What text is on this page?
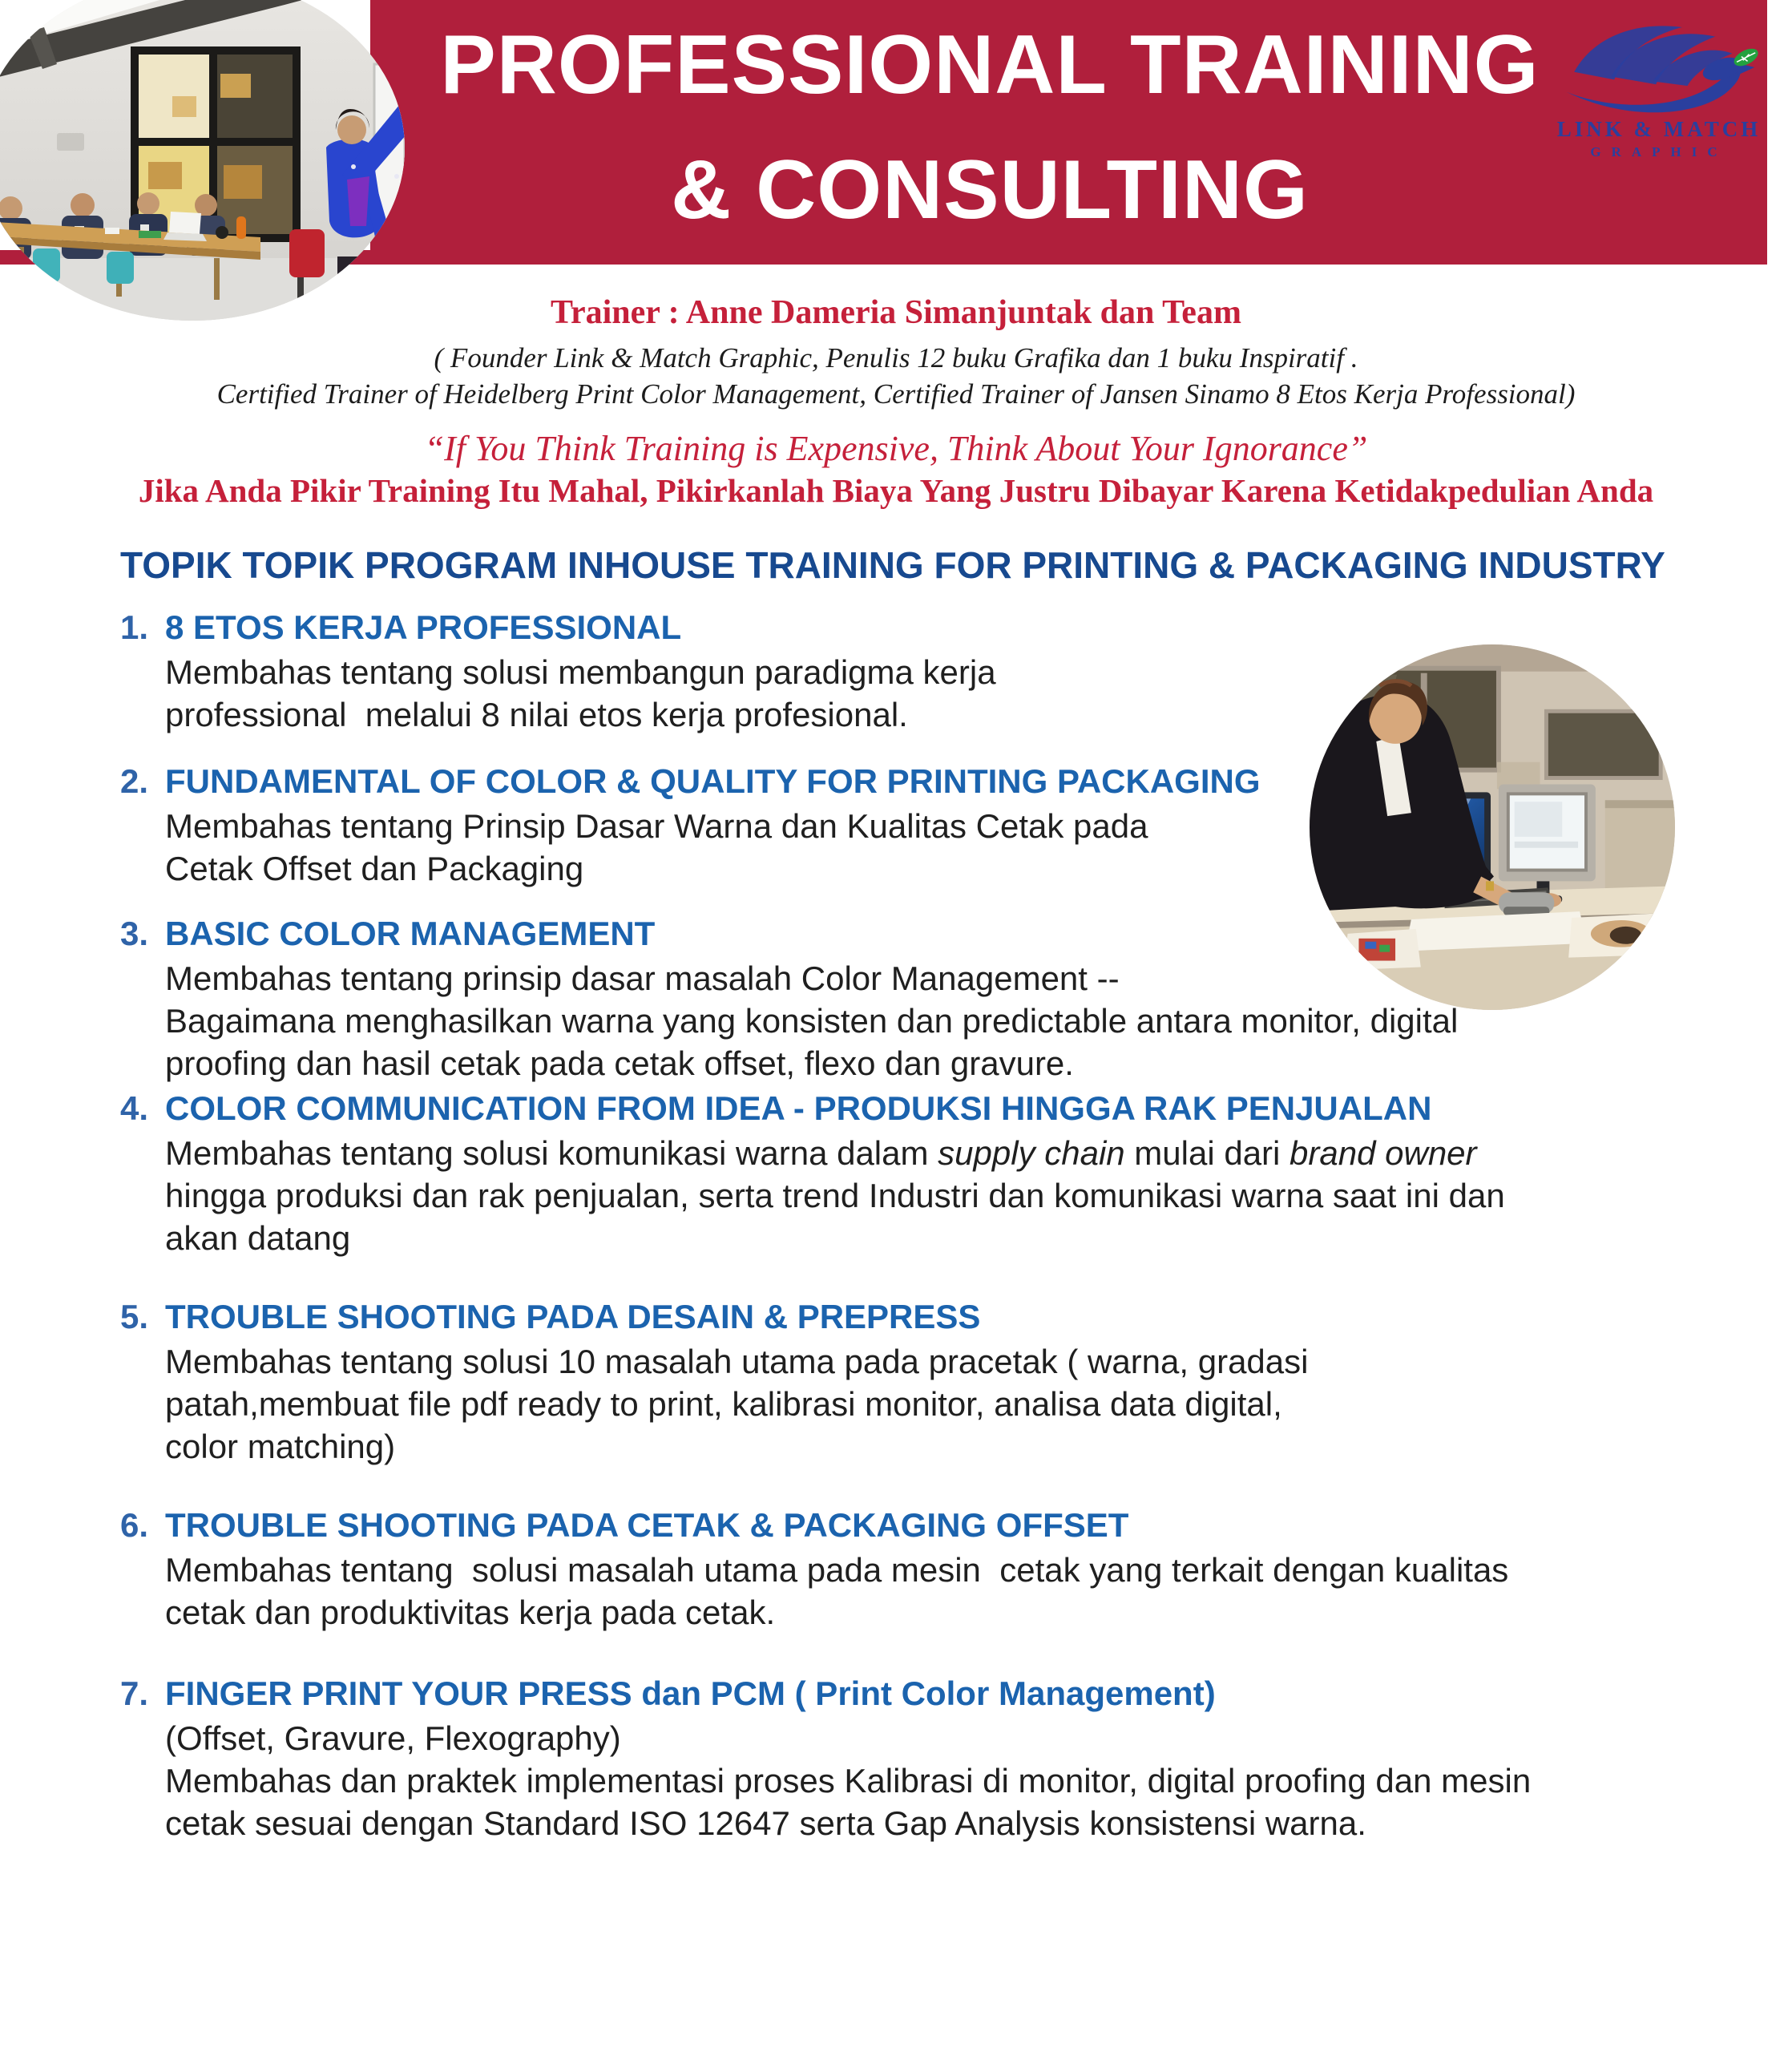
PROFESSIONAL TRAINING
& CONSULTING
LINK & MATCH
GRAPHIC
Trainer : Anne Dameria Simanjuntak dan Team
( Founder Link & Match Graphic, Penulis 12 buku Grafika dan 1 buku Inspiratif .
Certified Trainer of Heidelberg Print Color Management, Certified Trainer of Jansen Sinamo 8 Etos Kerja Professional)
“If You Think Training is Expensive, Think About Your Ignorance”
Jika Anda Pikir Training Itu Mahal, Pikirkanlah Biaya Yang Justru Dibayar Karena Ketidakpedulian Anda
TOPIK TOPIK PROGRAM INHOUSE TRAINING FOR PRINTING & PACKAGING INDUSTRY
1. 8 ETOS KERJA PROFESSIONAL
Membahas tentang solusi membangun paradigma kerja
professional  melalui 8 nilai etos kerja profesional.
2. FUNDAMENTAL OF COLOR & QUALITY FOR PRINTING PACKAGING
Membahas tentang Prinsip Dasar Warna dan Kualitas Cetak pada
Cetak Offset dan Packaging
3. BASIC COLOR MANAGEMENT
Membahas tentang prinsip dasar masalah Color Management --
Bagaimana menghasilkan warna yang konsisten dan predictable antara monitor, digital
proofing dan hasil cetak pada cetak offset, flexo dan gravure.
4. COLOR COMMUNICATION FROM IDEA - PRODUKSI HINGGA RAK PENJUALAN
Membahas tentang solusi komunikasi warna dalam supply chain mulai dari brand owner
hingga produksi dan rak penjualan, serta trend Industri dan komunikasi warna saat ini dan
akan datang
5. TROUBLE SHOOTING PADA DESAIN & PREPRESS
Membahas tentang solusi 10 masalah utama pada pracetak ( warna, gradasi
patah,membuat file pdf ready to print, kalibrasi monitor, analisa data digital,
color matching)
6. TROUBLE SHOOTING PADA CETAK & PACKAGING OFFSET
Membahas tentang  solusi masalah utama pada mesin  cetak yang terkait dengan kualitas
cetak dan produktivitas kerja pada cetak.
7. FINGER PRINT YOUR PRESS dan PCM ( Print Color Management)
(Offset, Gravure, Flexography)
Membahas dan praktek implementasi proses Kalibrasi di monitor, digital proofing dan mesin
cetak sesuai dengan Standard ISO 12647 serta Gap Analysis konsistensi warna.
